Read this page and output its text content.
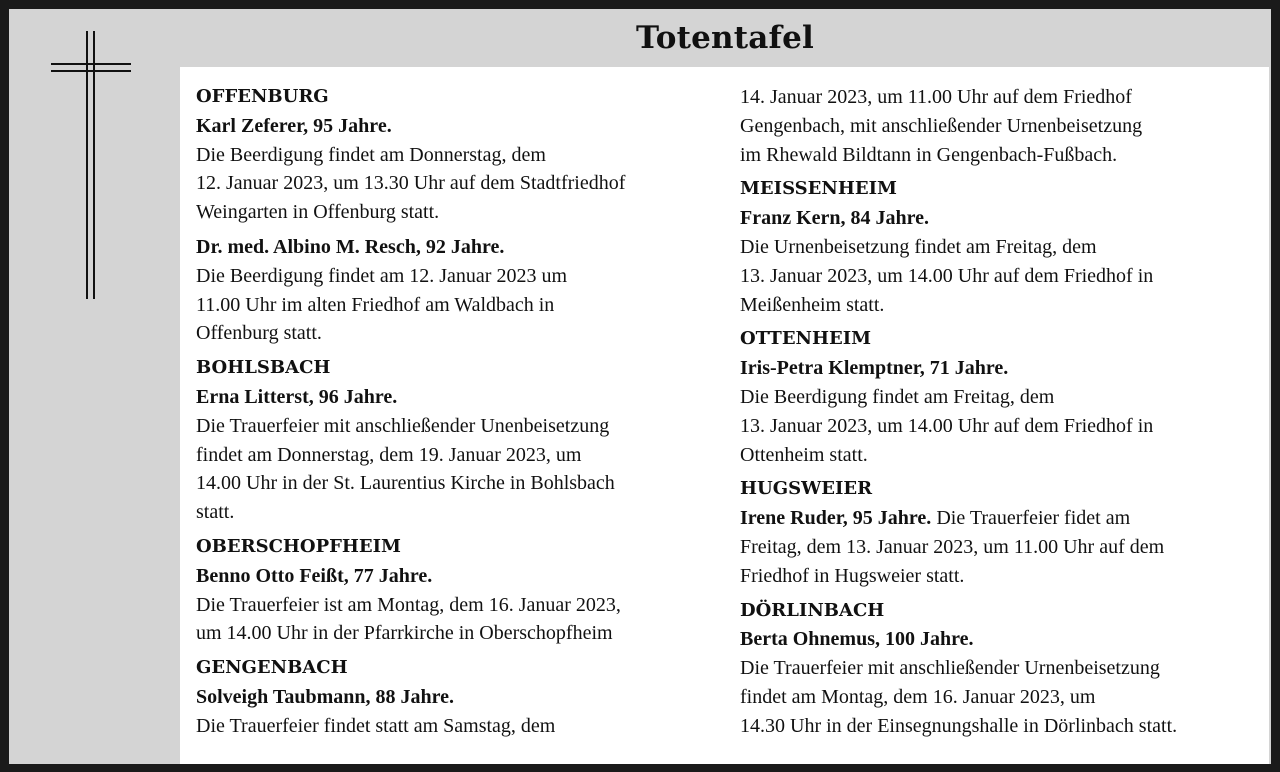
Totentafel
OFFENBURG

Karl Zeferer, 95 Jahre.

Die Beerdigung findet am Donnerstag, dem

12. Januar 2023, um 13.30 Uhr auf dem Stadtfriedhof

Weingarten in Offenburg statt.

Dr. med. Albino M. Resch, 92 Jahre.

Die Beerdigung findet am 12. Januar 2023 um

11.00 Uhr im alten Friedhof am Waldbach in

Offenburg statt.

BOHLSBACH

Erna Litterst, 96 Jahre.

Die Trauerfeier mit anschließender Unenbeisetzung

findet am Donnerstag, dem 19. Januar 2023, um

14.00 Uhr in der St. Laurentius Kirche in Bohlsbach

statt.

OBERSCHOPFHEIM

Benno Otto Feißt, 77 Jahre.

Die Trauerfeier ist am Montag, dem 16. Januar 2023,

um 14.00 Uhr in der Pfarrkirche in Oberschopfheim

GENGENBACH

Solveigh Taubmann, 88 Jahre.

Die Trauerfeier findet statt am Samstag, dem

14. Januar 2023, um 11.00 Uhr auf dem Friedhof

Gengenbach, mit anschließender Urnenbeisetzung

im Rhewald Bildtann in Gengenbach-Fußbach.

MEISSENHEIM

Franz Kern, 84 Jahre.

Die Urnenbeisetzung findet am Freitag, dem

13. Januar 2023, um 14.00 Uhr auf dem Friedhof in

Meißenheim statt.

OTTENHEIM

Iris-Petra Klemptner, 71 Jahre.

Die Beerdigung findet am Freitag, dem

13. Januar 2023, um 14.00 Uhr auf dem Friedhof in

Ottenheim statt.

HUGSWEIER

Irene Ruder, 95 Jahre. Die Trauerfeier fidet am

Freitag, dem 13. Januar 2023, um 11.00 Uhr auf dem

Friedhof in Hugsweier statt.

DÖRLINBACH

Berta Ohnemus, 100 Jahre.

Die Trauerfeier mit anschließender Urnenbeisetzung

findet am Montag, dem 16. Januar 2023, um

14.30 Uhr in der Einsegnungshalle in Dörlinbach statt.
